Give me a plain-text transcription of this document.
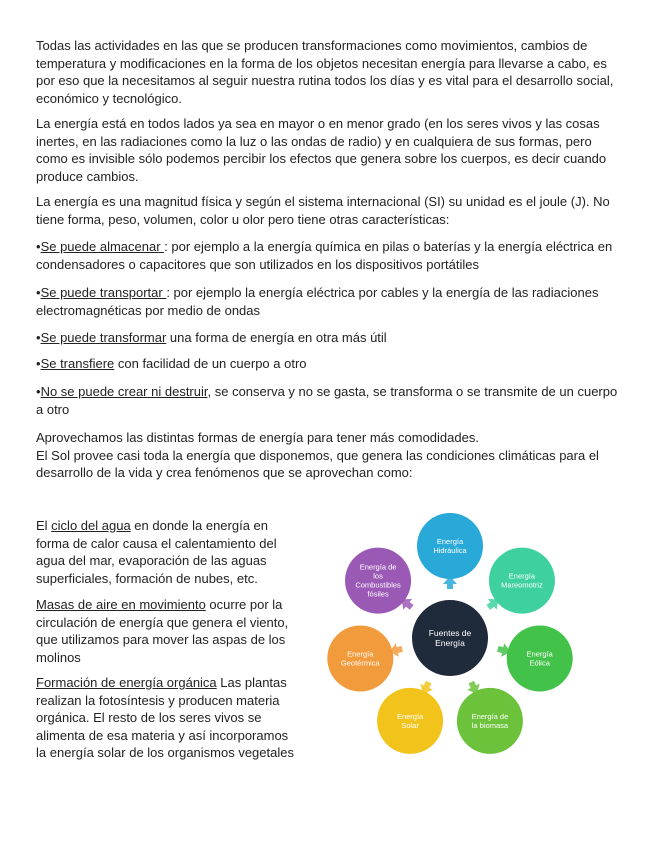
Todas las actividades en las que se producen transformaciones como movimientos, cambios de temperatura y modificaciones en la forma de los objetos necesitan energía para llevarse a cabo, es por eso que la necesitamos al seguir nuestra rutina todos los días y es vital para el desarrollo social, económico y tecnológico.

La energía está en todos lados ya sea en mayor o en menor grado (en los seres vivos y las cosas inertes, en las radiaciones como la luz o las ondas de radio) y en cualquiera de sus formas, pero como es invisible sólo podemos percibir los efectos que genera sobre los cuerpos, es decir cuando produce cambios.

La energía es una magnitud física y según el sistema internacional (SI) su unidad es el joule (J). No tiene forma, peso, volumen, color u olor pero tiene otras características:

•Se puede almacenar : por ejemplo a la energía química en pilas o baterías y la energía eléctrica en condensadores o capacitores que son utilizados en los dispositivos portátiles

•Se puede transportar : por ejemplo la energía eléctrica por cables y la energía de las radiaciones electromagnéticas por medio de ondas

•Se puede transformar una forma de energía en otra más útil

•Se transfiere con facilidad de un cuerpo a otro

•No se puede crear ni destruir, se conserva y no se gasta, se transforma o se transmite de un cuerpo a otro

Aprovechamos las distintas formas de energía para tener más comodidades.
El Sol provee casi toda la energía que disponemos, que genera las condiciones climáticas para el desarrollo de la vida y crea fenómenos que se aprovechan como:

El ciclo del agua en donde la energía en forma de calor causa el calentamiento del agua del mar, evaporación de las aguas superficiales, formación de nubes, etc.

Masas de aire en movimiento ocurre por la circulación de energía que genera el viento, que utilizamos para mover las aspas de los molinos

Formación de energía orgánica Las plantas realizan la fotosíntesis y producen materia orgánica. El resto de los seres vivos se alimenta de esa materia y así incorporamos la energía solar de los organismos vegetales

Energía
Hidráulica
Energía
Mareomotriz
Energía
Eólica
Energía de
la biomasa
Energía
Solar
Energía
Geotérmica
Energía de
los
Combustibles
fósiles
Fuentes de
Energía
